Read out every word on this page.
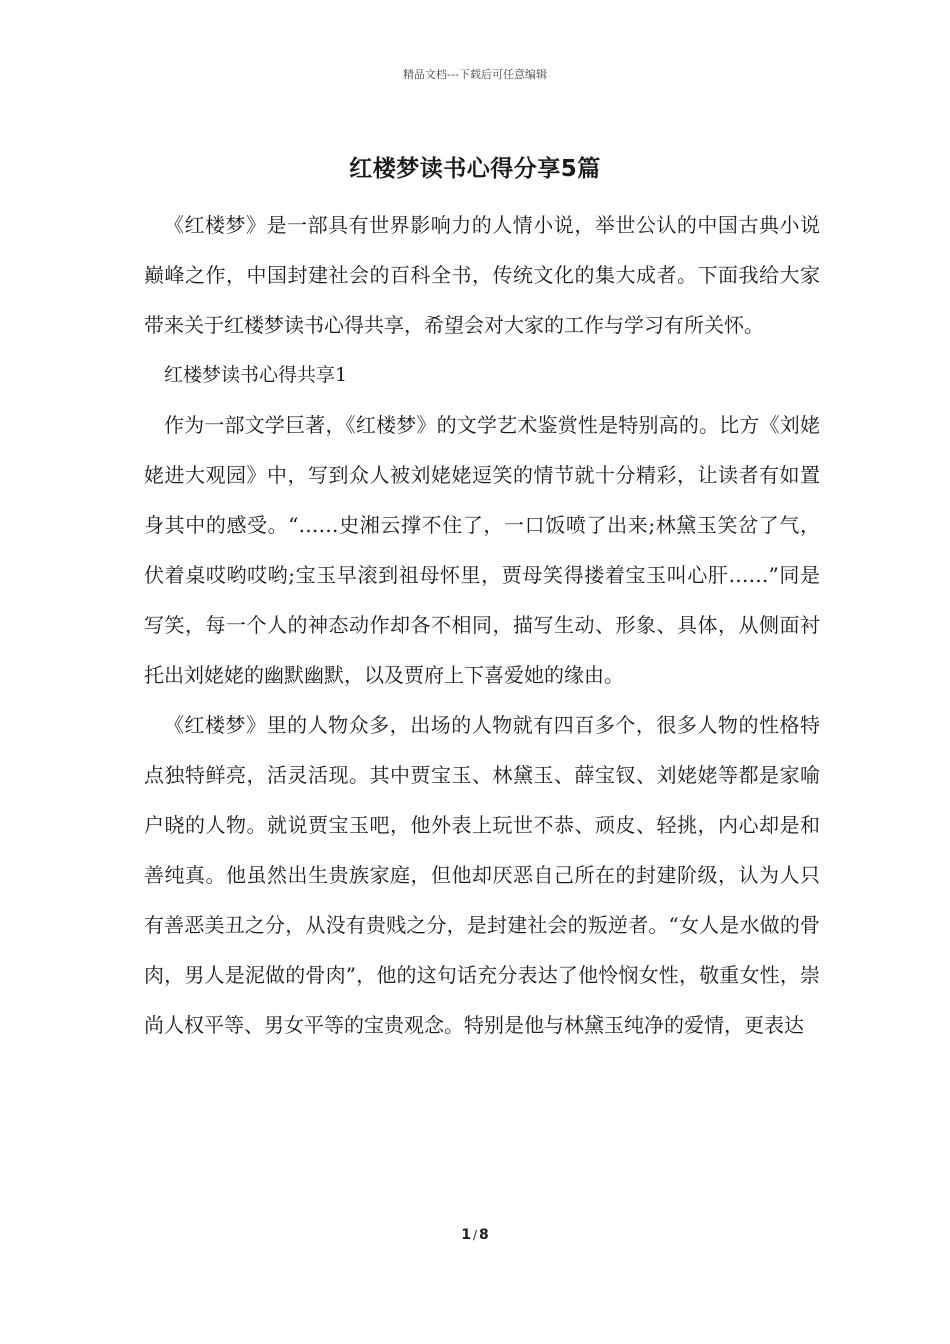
精品文档---下载后可任意编辑
红楼梦读书心得分享5篇

《红楼梦》是一部具有世界影响力的人情小说，举世公认的中国古典小说巅峰之作，中国封建社会的百科全书，传统文化的集大成者。下面我给大家带来关于红楼梦读书心得共享，希望会对大家的工作与学习有所关怀。

红楼梦读书心得共享1

作为一部文学巨著，《红楼梦》的文学艺术鉴赏性是特别高的。比方《刘姥姥进大观园》中，写到众人被刘姥姥逗笑的情节就十分精彩，让读者有如置身其中的感受。“……史湘云撑不住了，一口饭喷了出来;林黛玉笑岔了气，伏着桌哎哟哎哟;宝玉早滚到祖母怀里，贾母笑得搂着宝玉叫心肝……”同是写笑，每一个人的神态动作却各不相同，描写生动、形象、具体，从侧面衬托出刘姥姥的幽默幽默，以及贾府上下喜爱她的缘由。

《红楼梦》里的人物众多，出场的人物就有四百多个，很多人物的性格特点独特鲜亮，活灵活现。其中贾宝玉、林黛玉、薛宝钗、刘姥姥等都是家喻户晓的人物。就说贾宝玉吧，他外表上玩世不恭、顽皮、轻挑，内心却是和善纯真。他虽然出生贵族家庭，但他却厌恶自己所在的封建阶级，认为人只有善恶美丑之分，从没有贵贱之分，是封建社会的叛逆者。“女人是水做的骨肉，男人是泥做的骨肉”，他的这句话充分表达了他怜悯女性，敬重女性，崇尚人权平等、男女平等的宝贵观念。特别是他与林黛玉纯净的爱情，更表达

1 / 8
